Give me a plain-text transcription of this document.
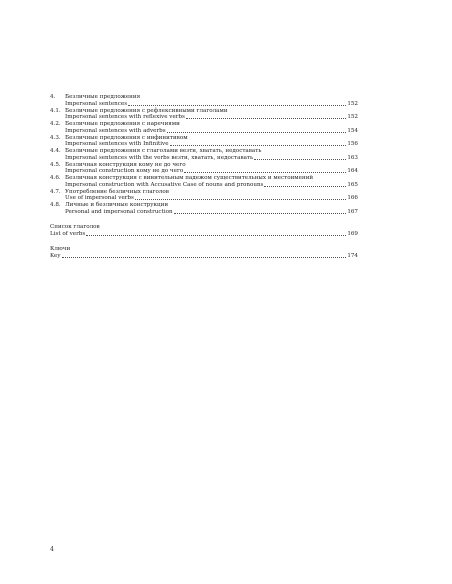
4.	Безличные предложения
Impersonal sentences	152
4.1. Безличные предложения с рефлексивными глаголами
Impersonal sentences with reflexive verbs	152
4.2. Безличные предложения с наречиями
Impersonal sentences with adverbs	154
4.3. Безличные предложения с инфинитивом
Impersonal sentences with Infinitive	156
4.4. Безличные предложения с глаголами везти, хватать, недоставать
Impersonal sentences with the verbs везти, хватать, недоставать	163
4.5. Безличная конструкция кому не до чего
Impersonal construction кому не до чего	164
4.6. Безличная конструкция с винительным падежом существительных и местоимений
Impersonal construction with Accusative Case of nouns and pronouns	165
4.7. Употребление безличных глаголов
Use of impersonal verbs	166
4.8. Личные и безличные конструкции
Personal and impersonal construction	167
Список глаголов
List of verbs	169
Ключи
Key	174
4
